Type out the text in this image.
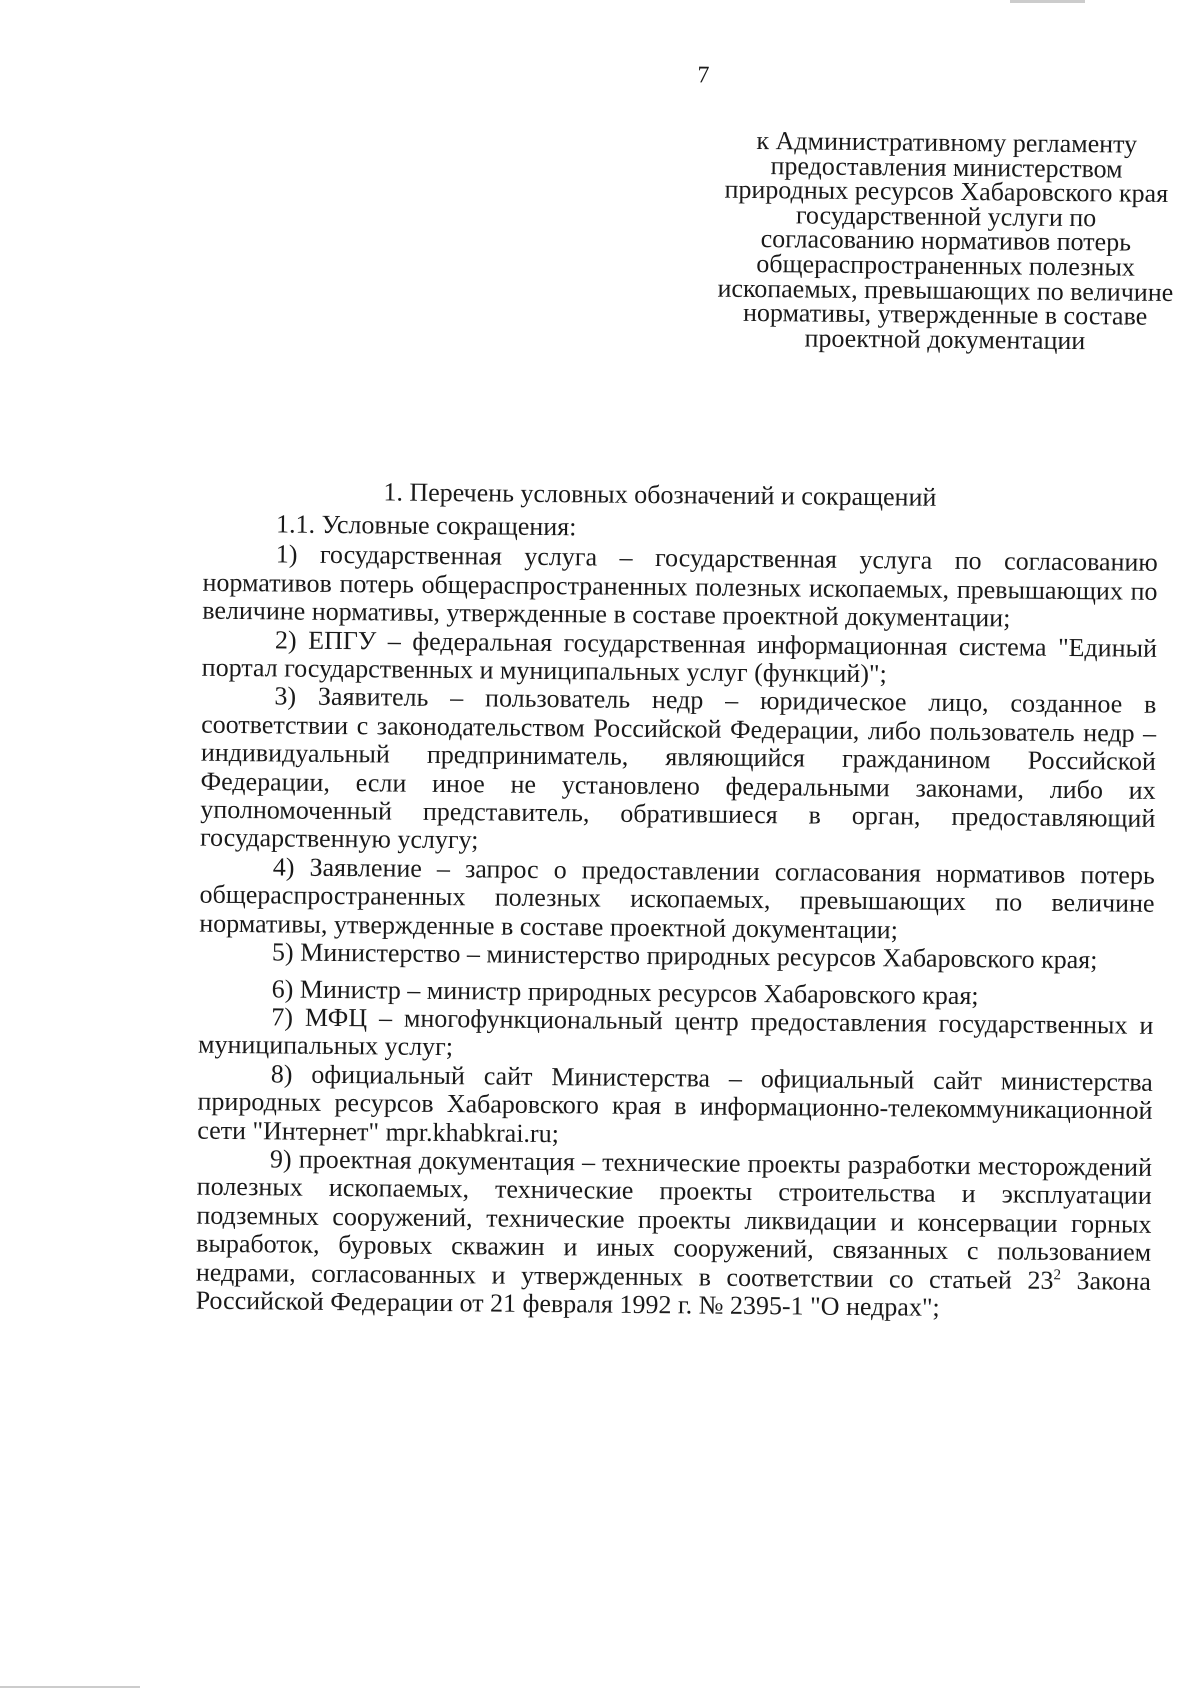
7
к Административному регламенту предоставления министерством природных ресурсов Хабаровского края государственной услуги по согласованию нормативов потерь общераспространенных полезных ископаемых, превышающих по величине нормативы, утвержденные в составе проектной документации
1. Перечень условных обозначений и сокращений

1.1. Условные сокращения:

1) государственная услуга – государственная услуга по согласованию нормативов потерь общераспространенных полезных ископаемых, превышающих по величине нормативы, утвержденные в составе проектной документации;

2) ЕПГУ – федеральная государственная информационная система "Единый портал государственных и муниципальных услуг (функций)";

3) Заявитель – пользователь недр – юридическое лицо, созданное в соответствии с законодательством Российской Федерации, либо пользователь недр – индивидуальный предприниматель, являющийся гражданином Российской Федерации, если иное не установлено федеральными законами, либо их уполномоченный представитель, обратившиеся в орган, предоставляющий государственную услугу;

4) Заявление – запрос о предоставлении согласования нормативов потерь общераспространенных полезных ископаемых, превышающих по величине нормативы, утвержденные в составе проектной документации;

5) Министерство – министерство природных ресурсов Хабаровского края;

6) Министр – министр природных ресурсов Хабаровского края;

7) МФЦ – многофункциональный центр предоставления государственных и муниципальных услуг;

8) официальный сайт Министерства – официальный сайт министерства природных ресурсов Хабаровского края в информационно-телекоммуникационной сети "Интернет" mpr.khabkrai.ru;

9) проектная документация – технические проекты разработки месторождений полезных ископаемых, технические проекты строительства и эксплуатации подземных сооружений, технические проекты ликвидации и консервации горных выработок, буровых скважин и иных сооружений, связанных с пользованием недрами, согласованных и утвержденных в соответствии со статьей $23^2$ Закона Российской Федерации от 21 февраля 1992 г. № 2395-1 "О недрах";
